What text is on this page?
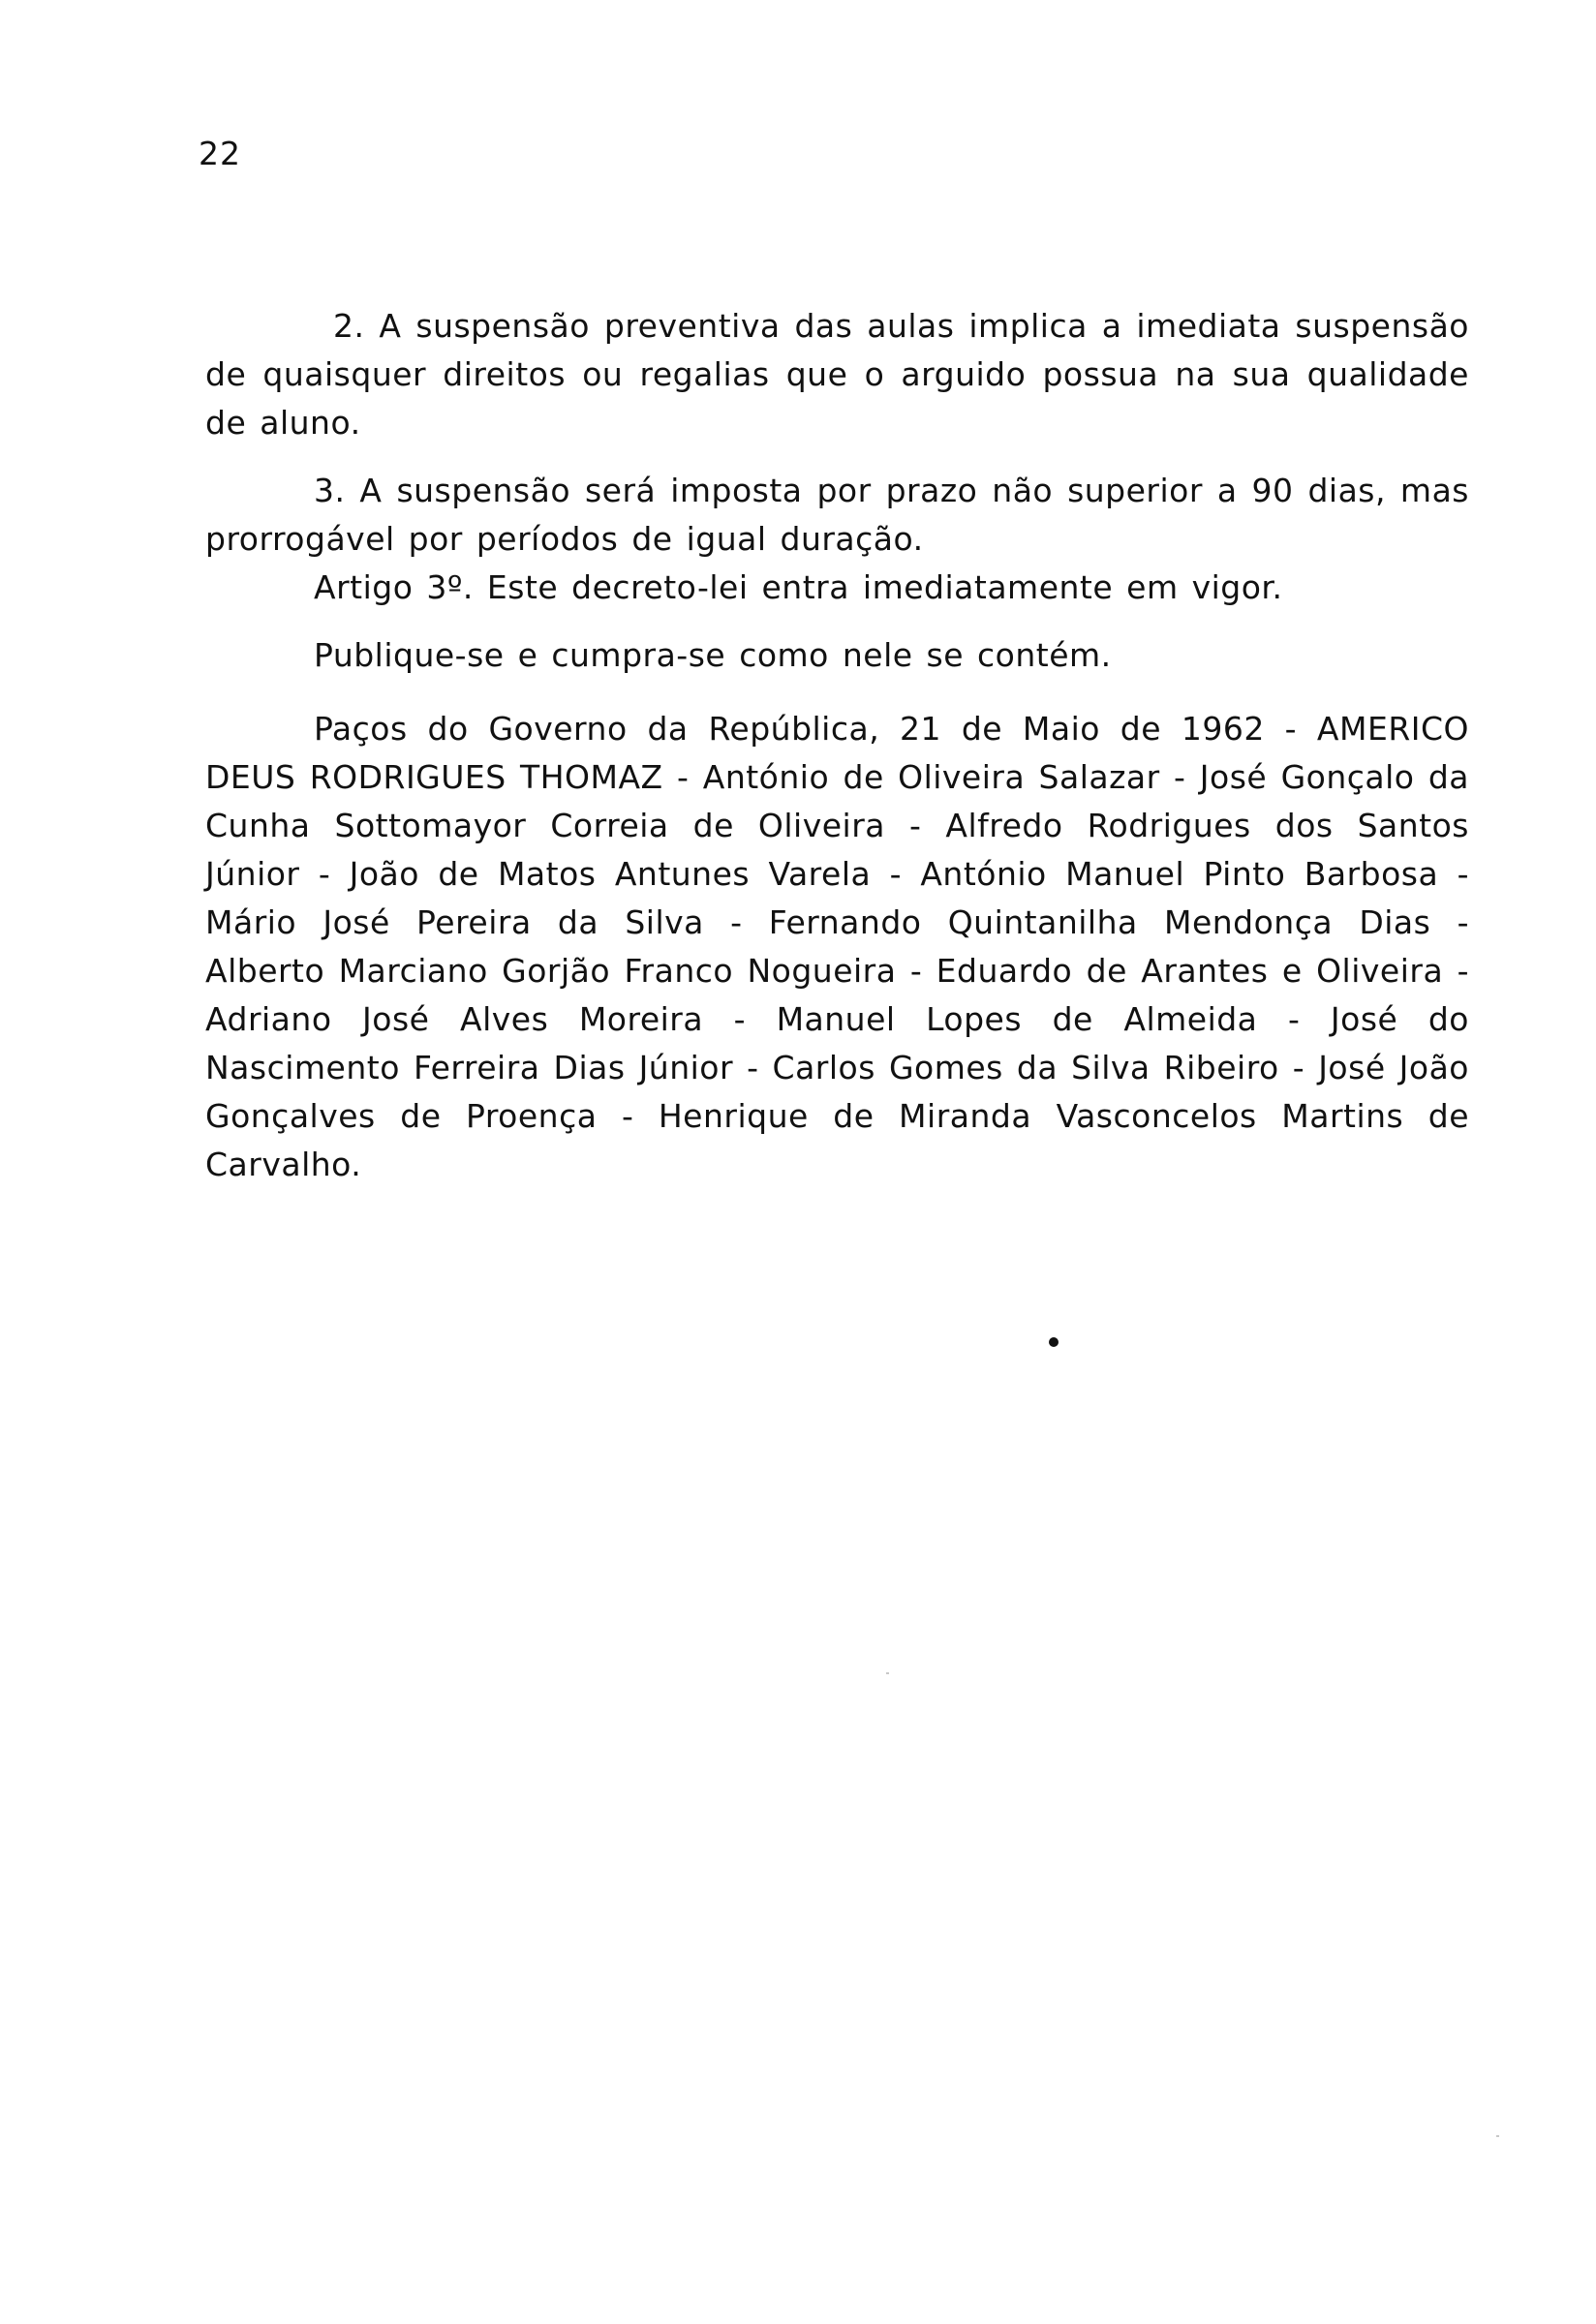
22

2. A suspensão preventiva das aulas implica a imediata suspensão de quaisquer direitos ou regalias que o arguido possua na sua qualidade de aluno.

3. A suspensão será imposta por prazo não superior a 90 dias, mas prorrogável por períodos de igual duração.

Artigo 3º. Este decreto-lei entra imediatamente em vigor.

Publique-se e cumpra-se como nele se contém.

Paços do Governo da República, 21 de Maio de 1962 - AMERICO DEUS RODRIGUES THOMAZ - António de Oliveira Salazar - José Gonçalo da Cunha Sottomayor Correia de Oliveira - Alfredo Rodrigues dos Santos Júnior - João de Matos Antunes Varela - António Manuel Pinto Barbosa - Mário José Pereira da Silva - Fernando Quintanilha Mendonça Dias - Alberto Marciano Gorjão Franco Nogueira - Eduardo de Arantes e Oliveira - Adriano José Alves Moreira - Manuel Lopes de Almeida - José do Nascimento Ferreira Dias Júnior - Carlos Gomes da Silva Ribeiro - José João Gonçalves de Proença - Henrique de Miranda Vasconcelos Martins de Carvalho.
